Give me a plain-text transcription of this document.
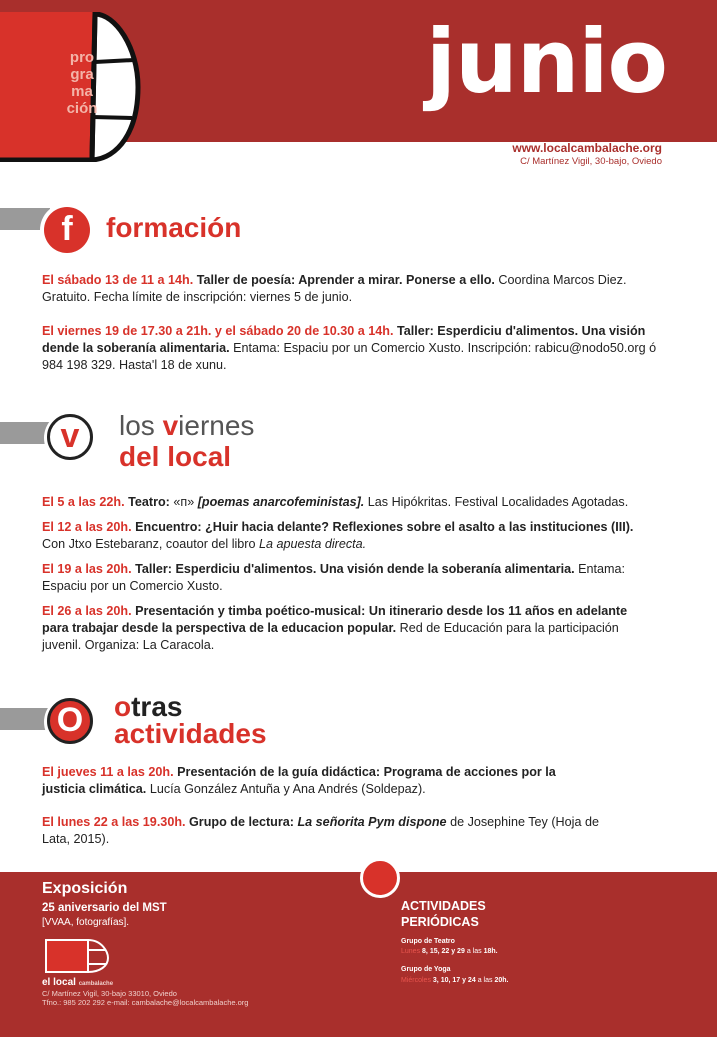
pro
gra
ma
ción	junio
www.localcambalache.org
C/ Martínez Vigil, 30-bajo, Oviedo
f	formación
El sábado 13 de 11 a 14h. Taller de poesía: Aprender a mirar. Ponerse a ello. Coordina Marcos Diez. Gratuito. Fecha límite de inscripción: viernes 5 de junio.
El viernes 19 de 17.30 a 21h. y el sábado 20 de 10.30 a 14h. Taller: Esperdiciu d'alimentos. Una visión dende la soberanía alimentaria. Entama: Espaciu por un Comercio Xusto. Inscripción: rabicu@nodo50.org ó 984 198 329. Hasta'l 18 de xunu.
v	los viernes
del local
El 5 a las 22h. Teatro: «п» [poemas anarcofeministas]. Las Hipókritas. Festival Localidades Agotadas.
El 12 a las 20h. Encuentro: ¿Huir hacia delante? Reflexiones sobre el asalto a las instituciones (III). Con Jtxo Estebaranz, coautor del libro La apuesta directa.
El 19 a las 20h. Taller: Esperdiciu d'alimentos. Una visión dende la soberanía alimentaria. Entama: Espaciu por un Comercio Xusto.
El 26 a las 20h. Presentación y timba poético-musical: Un itinerario desde los 11 años en adelante para trabajar desde la perspectiva de la educacion popular. Red de Educación para la participación juvenil. Organiza: La Caracola.
O	otras
actividades
El jueves 11 a las 20h. Presentación de la guía didáctica: Programa de acciones por la justicia climática. Lucía González Antuña y Ana Andrés (Soldepaz).
El lunes 22 a las 19.30h. Grupo de lectura: La señorita Pym dispone de Josephine Tey (Hoja de Lata, 2015).
Exposición
25 aniversario del MST
[VVAA, fotografías].
el local cambalache
C/ Martínez Vigil, 30-bajo 33010, Oviedo
Tfno.: 985 202 292 e-mail: cambalache@localcambalache.org
ACTIVIDADES
PERIÓDICAS
Grupo de Teatro
Lunes 8, 15, 22 y 29 a las 18h.
Grupo de Yoga
Miércoles 3, 10, 17 y 24 a las 20h.
